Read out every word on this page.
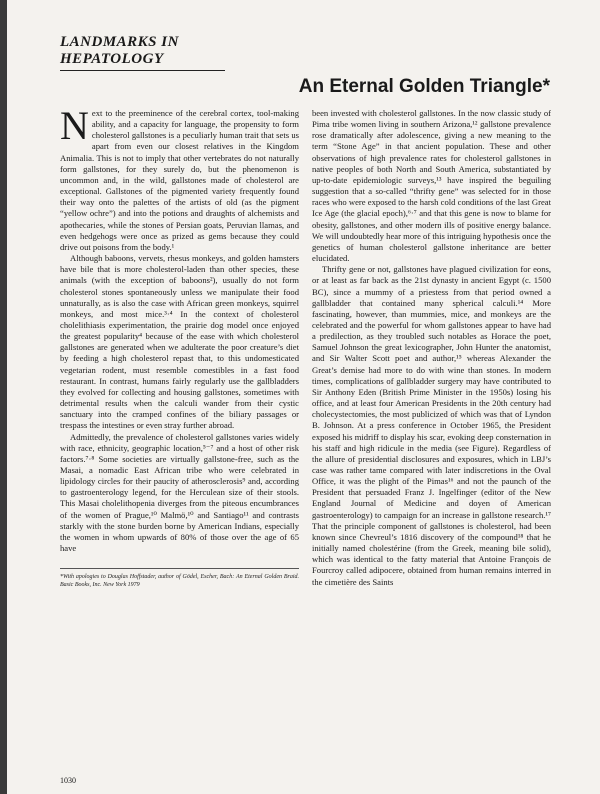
LANDMARKS IN HEPATOLOGY
An Eternal Golden Triangle*

Next to the preeminence of the cerebral cortex, tool-making ability, and a capacity for language, the propensity to form cholesterol gallstones is a peculiarly human trait that sets us apart from even our closest relatives in the Kingdom Animalia. This is not to imply that other vertebrates do not naturally form gallstones, for they surely do, but the phenomenon is uncommon and, in the wild, gallstones made of cholesterol are exceptional. Gallstones of the pigmented variety frequently found their way onto the palettes of the artists of old (as the pigment “yellow ochre”) and into the potions and draughts of alchemists and apothecaries, while the stones of Persian goats, Peruvian llamas, and even hedgehogs were once as prized as gems because they could drive out poisons from the body.¹

Although baboons, vervets, rhesus monkeys, and golden hamsters have bile that is more cholesterol-laden than other species, these animals (with the exception of baboons²), usually do not form cholesterol stones spontaneously unless we manipulate their food unnaturally, as is also the case with African green monkeys, squirrel monkeys, and most mice.³·⁴ In the context of cholesterol cholelithiasis experimentation, the prairie dog model once enjoyed the greatest popularity⁴ because of the ease with which cholesterol gallstones are generated when we adulterate the poor creature’s diet by feeding a high cholesterol repast that, to this undomesticated vegetarian rodent, must resemble comestibles in a fast food restaurant. In contrast, humans fairly regularly use the gallbladders they evolved for collecting and housing gallstones, sometimes with detrimental results when the calculi wander from their cystic sanctuary into the cramped confines of the biliary passages or trespass the intestines or even stray further abroad.

Admittedly, the prevalence of cholesterol gallstones varies widely with race, ethnicity, geographic location,⁵⁻⁷ and a host of other risk factors.⁷·⁸ Some societies are virtually gallstone-free, such as the Masai, a nomadic East African tribe who were celebrated in lipidology circles for their paucity of atherosclerosis⁹ and, according to gastroenterology legend, for the Herculean size of their stools. This Masai cholelithopenia diverges from the piteous encumbrances of the women of Prague,¹⁰ Malmö,¹⁰ and Santiago¹¹ and contrasts starkly with the stone burden borne by American Indians, especially the women in whom upwards of 80% of those over the age of 65 have

*With apologies to Douglas Hoffstader, author of Gödel, Escher, Bach: An Eternal Golden Braid. Basic Books, Inc. New York 1979

been invested with cholesterol gallstones. In the now classic study of Pima tribe women living in southern Arizona,¹² gallstone prevalence rose dramatically after adolescence, giving a new meaning to the term “Stone Age” in that ancient population. These and other observations of high prevalence rates for cholesterol gallstones in native peoples of both North and South America, substantiated by up-to-date epidemiologic surveys,¹³ have inspired the beguiling suggestion that a so-called “thrifty gene” was selected for in those races who were exposed to the harsh cold conditions of the last Great Ice Age (the glacial epoch),⁶·⁷ and that this gene is now to blame for obesity, gallstones, and other modern ills of positive energy balance. We will undoubtedly hear more of this intriguing hypothesis once the genetics of human cholesterol gallstone inheritance are better elucidated.

Thrifty gene or not, gallstones have plagued civilization for eons, or at least as far back as the 21st dynasty in ancient Egypt (c. 1500 BC), since a mummy of a priestess from that period owned a gallbladder that contained many spherical calculi.¹⁴ More fascinating, however, than mummies, mice, and monkeys are the celebrated and the powerful for whom gallstones appear to have had a predilection, as they troubled such notables as Horace the poet, Samuel Johnson the great lexicographer, John Hunter the anatomist, and Sir Walter Scott poet and author,¹⁵ whereas Alexander the Great’s demise had more to do with wine than stones. In modern times, complications of gallbladder surgery may have contributed to Sir Anthony Eden (British Prime Minister in the 1950s) losing his office, and at least four American Presidents in the 20th century had cholecystectomies, the most publicized of which was that of Lyndon B. Johnson. At a press conference in October 1965, the President exposed his midriff to display his scar, evoking deep consternation in his staff and high ridicule in the media (see Figure). Regardless of the allure of presidential disclosures and exposures, which in LBJ’s case was rather tame compared with later indiscretions in the Oval Office, it was the plight of the Pimas¹⁶ and not the paunch of the President that persuaded Franz J. Ingelfinger (editor of the New England Journal of Medicine and doyen of American gastroenterology) to campaign for an increase in gallstone research.¹⁷ That the principle component of gallstones is cholesterol, had been known since Chevreul’s 1816 discovery of the compound¹⁸ that he initially named cholestérine (from the Greek, meaning bile solid), which was identical to the fatty material that Antoine François de Fourcroy called adipocere, obtained from human remains interred in the cimetière des Saints

1030
